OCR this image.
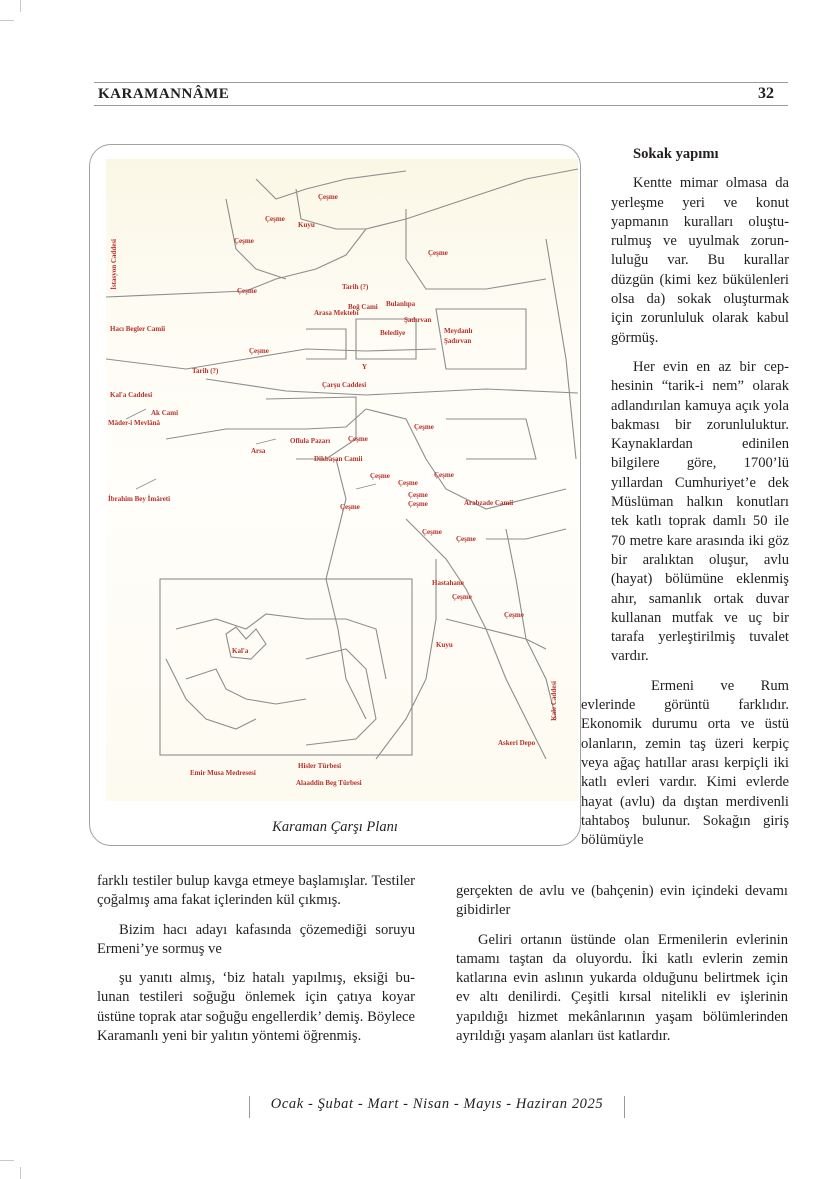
KARAMANNÂME	32
Çeşme
Çeşme
Kuyu
Çeşme
Çeşme
Çeşme	Tarih (?)
Boğ Cami Bulanlıpa
Arasa Mektebi
Şadırvan
Belediye	Meydanlı
Şadırvan
Hacı Begler Camii
Çeşme
Tarih (?)	Y
Kal'a Caddesi
Çarşu Caddesi
Ak Cami
Mâder-i Mevlânâ	Çeşme
Oflula Pazarı	Çeşme
Arsa
Dikbaşan Camii
Çeşme	Çeşme
Çeşme
İbrahim Bey İmâreti
Çeşme
Çeşme
Çeşme	Arabzade Camii
Çeşme
Çeşme
Hastahane
Çeşme
Çeşme
Kuyu
Kal'a
Askeri Depo
Emir Musa Medresesi
Hisler Türbesi
Alaaddin Beg Türbesi
İstasyon Caddesi
Kale Caddesi
Karaman Çarşı Planı

Sokak yapımı

Kentte mimar olmasa da yerleşme yeri ve konut yapmanın kuralları oluşturulmuş ve uyulmak zorunluluğu var. Bu kurallar düzgün (kimi kez bükülenleri olsa da) sokak oluşturmak için zorunluluk olarak kabul görmüş.

Her evin en az bir cephesinin “tarik-i nem” olarak adlandırılan kamuya açık yola bakması bir zorunluluktur. Kaynaklardan edinilen bilgilere göre, 1700’lü yıllardan Cumhuriyet’e dek Müslüman halkın konutları tek katlı toprak damlı 50 ile 70 metre kare arasında iki göz bir aralıktan oluşur, avlu (hayat) bölümüne eklenmiş ahır, samanlık ortak duvar kullanan mutfak ve uç bir tarafa yerleştirilmiş tuvalet vardır.

Ermeni ve Rum evlerinde görüntü farklıdır. Ekonomik durumu orta ve üstü olanların, zemin taş üzeri kerpiç veya ağaç hatıllar arası kerpiçli iki katlı evleri vardır. Kimi evlerde hayat (avlu) da dıştan merdivenli tahtaboş bulunur. Sokağın giriş bölümüyle

farklı testiler bulup kavga etmeye başlamışlar. Testiler çoğalmış ama fakat içlerinden kül çıkmış.

Bizim hacı adayı kafasında çözemediği soruyu Ermeni’ye sormuş ve

şu yanıtı almış, ‘biz hatalı yapılmış, eksiği bulunan testileri soğuğu önlemek için çatıya koyar üstüne toprak atar soğuğu engellerdik’ demiş. Böylece Karamanlı yeni bir yalıtın yöntemi öğrenmiş.

gerçekten de avlu ve (bahçenin) evin içindeki devamı gibidirler

Geliri ortanın üstünde olan Ermenilerin evlerinin tamamı taştan da oluyordu. İki katlı evlerin zemin katlarına evin aslının yukarda olduğunu belirtmek için ev altı denilirdi. Çeşitli kırsal nitelikli ev işlerinin yapıldığı hizmet mekânlarının yaşam bölümlerinden ayrıldığı yaşam alanları üst katlardır.

Ocak - Şubat - Mart - Nisan - Mayıs - Haziran 2025
